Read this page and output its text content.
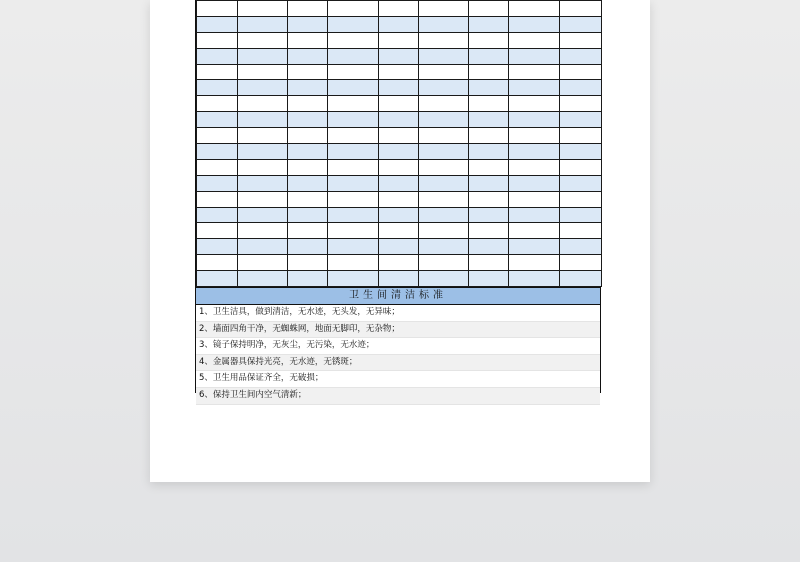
卫生间清洁标准
1、卫生洁具，做到清洁，无水迹，无头发，无异味；
2、墙面四角干净，无蜘蛛网，地面无脚印，无杂物；
3、镜子保持明净，无灰尘，无污染，无水迹；
4、金属器具保持光亮，无水迹，无锈斑；
5、卫生用品保证齐全，无破损；
6、保持卫生间内空气清新；
